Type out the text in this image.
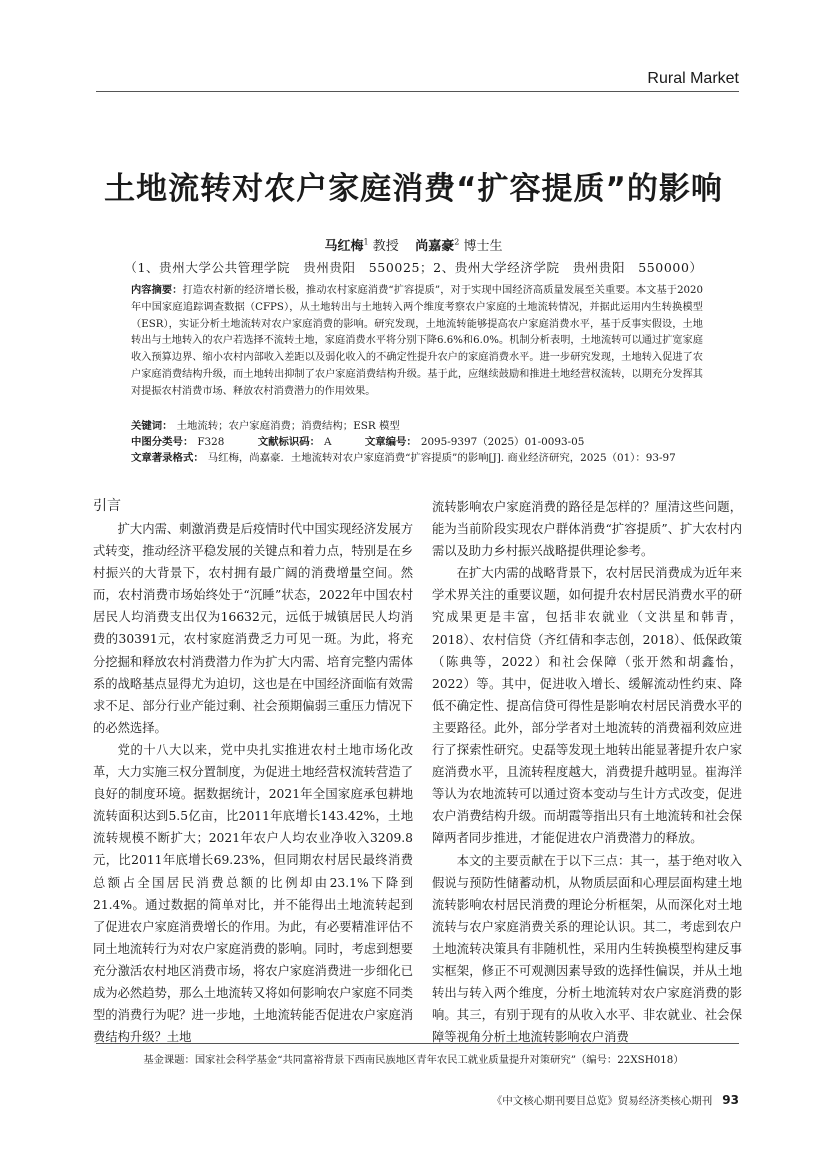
Rural Market
土地流转对农户家庭消费“扩容提质”的影响
马红梅$^1$ 教授 尚嘉豪$^2$ 博士生
（1、贵州大学公共管理学院　贵州贵阳　550025；2、贵州大学经济学院　贵州贵阳　550000）
内容摘要：打造农村新的经济增长极，推动农村家庭消费“扩容提质”，对于实现中国经济高质量发展至关重要。本文基于2020年中国家庭追踪调查数据（CFPS），从土地转出与土地转入两个维度考察农户家庭的土地流转情况，并据此运用内生转换模型（ESR），实证分析土地流转对农户家庭消费的影响。研究发现，土地流转能够提高农户家庭消费水平，基于反事实假设，土地转出与土地转入的农户若选择不流转土地，家庭消费水平将分别下降6.6%和6.0%。机制分析表明，土地流转可以通过扩宽家庭收入预算边界、缩小农村内部收入差距以及弱化收入的不确定性提升农户的家庭消费水平。进一步研究发现，土地转入促进了农户家庭消费结构升级，而土地转出抑制了农户家庭消费结构升级。基于此，应继续鼓励和推进土地经营权流转，以期充分发挥其对提振农村消费市场、释放农村消费潜力的作用效果。
关键词： 土地流转；农户家庭消费；消费结构；ESR 模型
中图分类号： F328	文献标识码： A	文章编号： 2095-9397（2025）01-0093-05
文章著录格式： 马红梅，尚嘉豪．土地流转对农户家庭消费“扩容提质”的影响[J]. 商业经济研究，2025（01）：93-97
引言

扩大内需、刺激消费是后疫情时代中国实现经济发展方式转变，推动经济平稳发展的关键点和着力点，特别是在乡村振兴的大背景下，农村拥有最广阔的消费增量空间。然而，农村消费市场始终处于“沉睡”状态，2022年中国农村居民人均消费支出仅为16632元，远低于城镇居民人均消费的30391元，农村家庭消费乏力可见一斑。为此，将充分挖掘和释放农村消费潜力作为扩大内需、培育完整内需体系的战略基点显得尤为迫切，这也是在中国经济面临有效需求不足、部分行业产能过剩、社会预期偏弱三重压力情况下的必然选择。

党的十八大以来，党中央扎实推进农村土地市场化改革，大力实施三权分置制度，为促进土地经营权流转营造了良好的制度环境。据数据统计，2021年全国家庭承包耕地流转面积达到5.5亿亩，比2011年底增长143.42%，土地流转规模不断扩大；2021年农户人均农业净收入3209.8元，比2011年底增长69.23%，但同期农村居民最终消费总额占全国居民消费总额的比例却由23.1%下降到21.4%。通过数据的简单对比，并不能得出土地流转起到了促进农户家庭消费增长的作用。为此，有必要精准评估不同土地流转行为对农户家庭消费的影响。同时，考虑到想要充分激活农村地区消费市场，将农户家庭消费进一步细化已成为必然趋势，那么土地流转又将如何影响农户家庭不同类型的消费行为呢？进一步地，土地流转能否促进农户家庭消费结构升级？土地

流转影响农户家庭消费的路径是怎样的？厘清这些问题，能为当前阶段实现农户群体消费“扩容提质”、扩大农村内需以及助力乡村振兴战略提供理论参考。

在扩大内需的战略背景下，农村居民消费成为近年来学术界关注的重要议题，如何提升农村居民消费水平的研究成果更是丰富，包括非农就业（文洪星和韩青，2018）、农村信贷（齐红倩和李志创，2018）、低保政策（陈典等，2022）和社会保障（张开然和胡鑫怡，2022）等。其中，促进收入增长、缓解流动性约束、降低不确定性、提高信贷可得性是影响农村居民消费水平的主要路径。此外，部分学者对土地流转的消费福利效应进行了探索性研究。史磊等发现土地转出能显著提升农户家庭消费水平，且流转程度越大，消费提升越明显。崔海洋等认为农地流转可以通过资本变动与生计方式改变，促进农户消费结构升级。而胡霞等指出只有土地流转和社会保障两者同步推进，才能促进农户消费潜力的释放。

本文的主要贡献在于以下三点：其一，基于绝对收入假说与预防性储蓄动机，从物质层面和心理层面构建土地流转影响农村居民消费的理论分析框架，从而深化对土地流转与农户家庭消费关系的理论认识。其二，考虑到农户土地流转决策具有非随机性，采用内生转换模型构建反事实框架，修正不可观测因素导致的选择性偏误，并从土地转出与转入两个维度，分析土地流转对农户家庭消费的影响。其三，有别于现有的从收入水平、非农就业、社会保障等视角分析土地流转影响农户消费

基金课题：国家社会科学基金“共同富裕背景下西南民族地区青年农民工就业质量提升对策研究”（编号：22XSH018）
《中文核心期刊要目总览》贸易经济类核心期刊 93
